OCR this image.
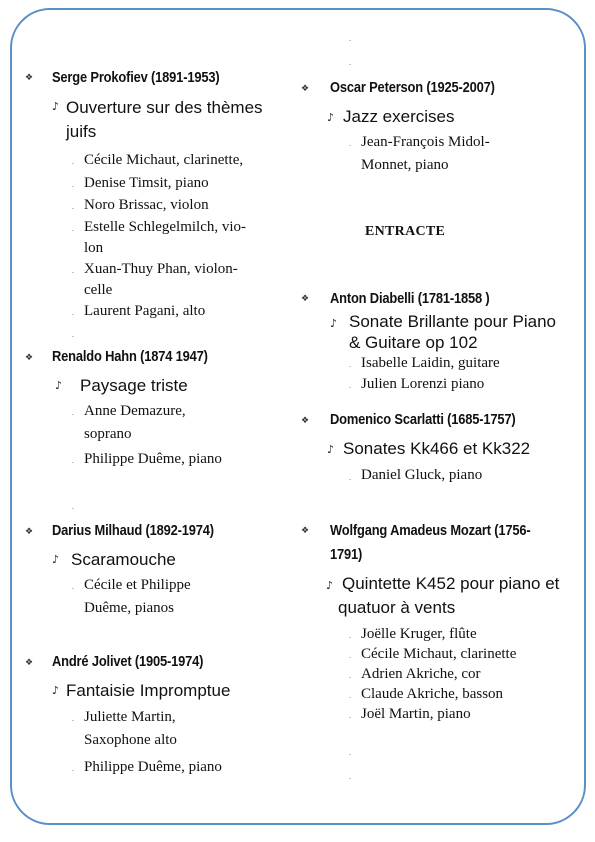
❖ Serge Prokofiev (1891-1953)
♪ Ouverture sur des thèmes juifs
. Cécile Michaut, clarinette,
. Denise Timsit, piano
. Noro Brissac, violon
. Estelle Schlegelmilch, vio-lon
. Xuan-Thuy Phan, violon-celle
. Laurent Pagani, alto
.
❖ Renaldo Hahn (1874 1947)
♪ Paysage triste
. Anne Demazure, soprano
. Philippe Duême, piano
.
❖ Darius Milhaud (1892-1974)
♪ Scaramouche
. Cécile et Philippe Duême, pianos
❖ André Jolivet (1905-1974)
♪ Fantaisie Impromptue
. Juliette Martin, Saxophone alto
. Philippe Duême, piano
.
.
❖ Oscar Peterson (1925-2007)
♪ Jazz exercises
. Jean-François Midol-Monnet, piano
ENTRACTE
❖ Anton Diabelli (1781-1858 )
♪ Sonate Brillante pour Piano & Guitare op 102
. Isabelle Laidin, guitare
. Julien Lorenzi piano
❖ Domenico Scarlatti (1685-1757)
♪ Sonates Kk466 et Kk322
. Daniel Gluck, piano
❖ Wolfgang Amadeus Mozart (1756-1791)
♪ Quintette K452 pour piano et quatuor à vents
. Joëlle Kruger, flûte
. Cécile Michaut, clarinette
. Adrien Akriche, cor
. Claude Akriche, basson
. Joël Martin, piano
.
.
